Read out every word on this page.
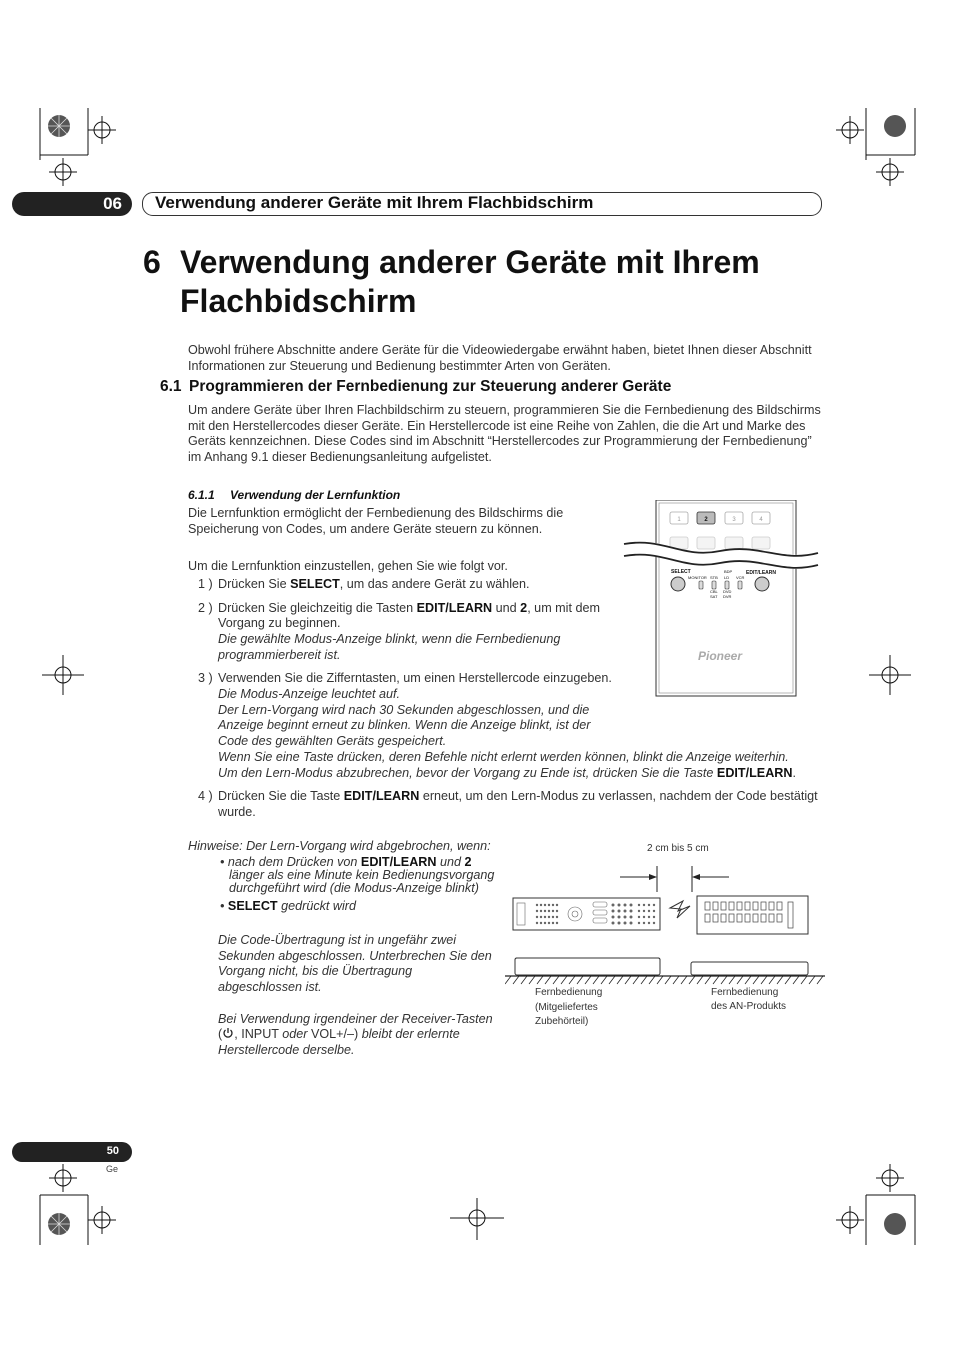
06 Verwendung anderer Geräte mit Ihrem Flachbidschirm
6 Verwendung anderer Geräte mit Ihrem Flachbidschirm
Obwohl frühere Abschnitte andere Geräte für die Videowiedergabe erwähnt haben, bietet Ihnen dieser Abschnitt Informationen zur Steuerung und Bedienung bestimmter Arten von Geräten.
6.1 Programmieren der Fernbedienung zur Steuerung anderer Geräte
Um andere Geräte über Ihren Flachbildschirm zu steuern, programmieren Sie die Fernbedienung des Bildschirms mit den Herstellercodes dieser Geräte. Ein Herstellercode ist eine Reihe von Zahlen, die die Art und Marke des Geräts kennzeichnen. Diese Codes sind im Abschnitt “Herstellercodes zur Programmierung der Fernbedienung” im Anhang 9.1 dieser Bedienungsanleitung aufgelistet.
6.1.1 Verwendung der Lernfunktion
Die Lernfunktion ermöglicht der Fernbedienung des Bildschirms die Speicherung von Codes, um andere Geräte steuern zu können.
Um die Lernfunktion einzustellen, gehen Sie wie folgt vor.
1 ) Drücken Sie SELECT, um das andere Gerät zu wählen.
2 ) Drücken Sie gleichzeitig die Tasten EDIT/LEARN und 2, um mit dem
Vorgang zu beginnen.
Die gewählte Modus-Anzeige blinkt, wenn die Fernbedienung
programmierbereit ist.
3 ) Verwenden Sie die Zifferntasten, um einen Herstellercode einzugeben.
Die Modus-Anzeige leuchtet auf.
Der Lern-Vorgang wird nach 30 Sekunden abgeschlossen, und die
Anzeige beginnt erneut zu blinken. Wenn die Anzeige blinkt, ist der
Code des gewählten Geräts gespeichert.
Wenn Sie eine Taste drücken, deren Befehle nicht erlernt werden können, blinkt die Anzeige weiterhin.
Um den Lern-Modus abzubrechen, bevor der Vorgang zu Ende ist, drücken Sie die Taste EDIT/LEARN.
4 ) Drücken Sie die Taste EDIT/LEARN erneut, um den Lern-Modus zu verlassen, nachdem der Code bestätigt
wurde.
Hinweise: Der Lern-Vorgang wird abgebrochen, wenn:
• nach dem Drücken von EDIT/LEARN und 2
länger als eine Minute kein Bedienungsvorgang
durchgeführt wird (die Modus-Anzeige blinkt)
• SELECT gedrückt wird
Die Code-Übertragung ist in ungefähr zwei
Sekunden abgeschlossen. Unterbrechen Sie den
Vorgang nicht, bis die Übertragung
abgeschlossen ist.
Bei Verwendung irgendeiner der Receiver-Tasten
( , INPUT oder VOL+/–) bleibt der erlernte
Herstellercode derselbe.
1	2	3	4
SELECT	EDIT/LEARN
BDP
MONITOR STB LD VCR
CBL DVD
SAT DVR
Pioneer
2 cm bis 5 cm
Fernbedienung
(Mitgeliefertes
Zubehörteil)
Fernbedienung
des AN-Produkts
50
Ge
